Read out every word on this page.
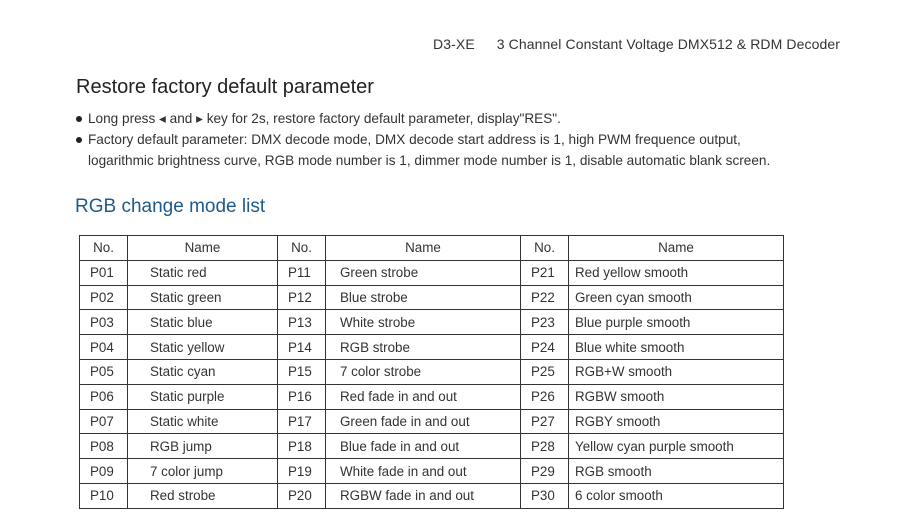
D3-XE 3 Channel Constant Voltage DMX512 & RDM Decoder
Restore factory default parameter
Long press ◂ and ▸ key for 2s, restore factory default parameter, display"RES".
Factory default parameter: DMX decode mode, DMX decode start address is 1, high PWM frequence output,
logarithmic brightness curve, RGB mode number is 1, dimmer mode number is 1, disable automatic blank screen.
RGB change mode list
No.	Name	No.	Name	No.	Name
P01	Static red	P11	Green strobe	P21	Red yellow smooth
P02	Static green	P12	Blue strobe	P22	Green cyan smooth
P03	Static blue	P13	White strobe	P23	Blue purple smooth
P04	Static yellow	P14	RGB strobe	P24	Blue white smooth
P05	Static cyan	P15	7 color strobe	P25	RGB+W smooth
P06	Static purple	P16	Red fade in and out	P26	RGBW smooth
P07	Static white	P17	Green fade in and out	P27	RGBY smooth
P08	RGB jump	P18	Blue fade in and out	P28	Yellow cyan purple smooth
P09	7 color jump	P19	White fade in and out	P29	RGB smooth
P10	Red strobe	P20	RGBW fade in and out	P30	6 color smooth
